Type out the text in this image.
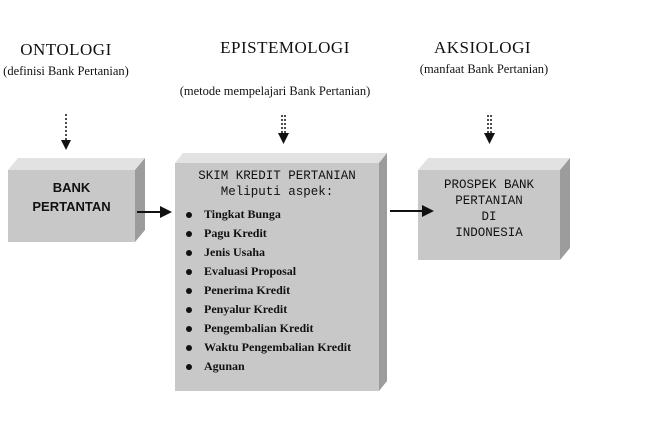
ONTOLOGI
(definisi Bank Pertanian)
EPISTEMOLOGI
(metode mempelajari Bank Pertanian)
AKSIOLOGI
(manfaat Bank Pertanian)
BANK
PERTANTAN
SKIM KREDIT PERTANIAN
Meliputi aspek:
Tingkat Bunga
Pagu Kredit
Jenis Usaha
Evaluasi Proposal
Penerima Kredit
Penyalur Kredit
Pengembalian Kredit
Waktu Pengembalian Kredit
Agunan
PROSPEK BANK
PERTANIAN
DI
INDONESIA
